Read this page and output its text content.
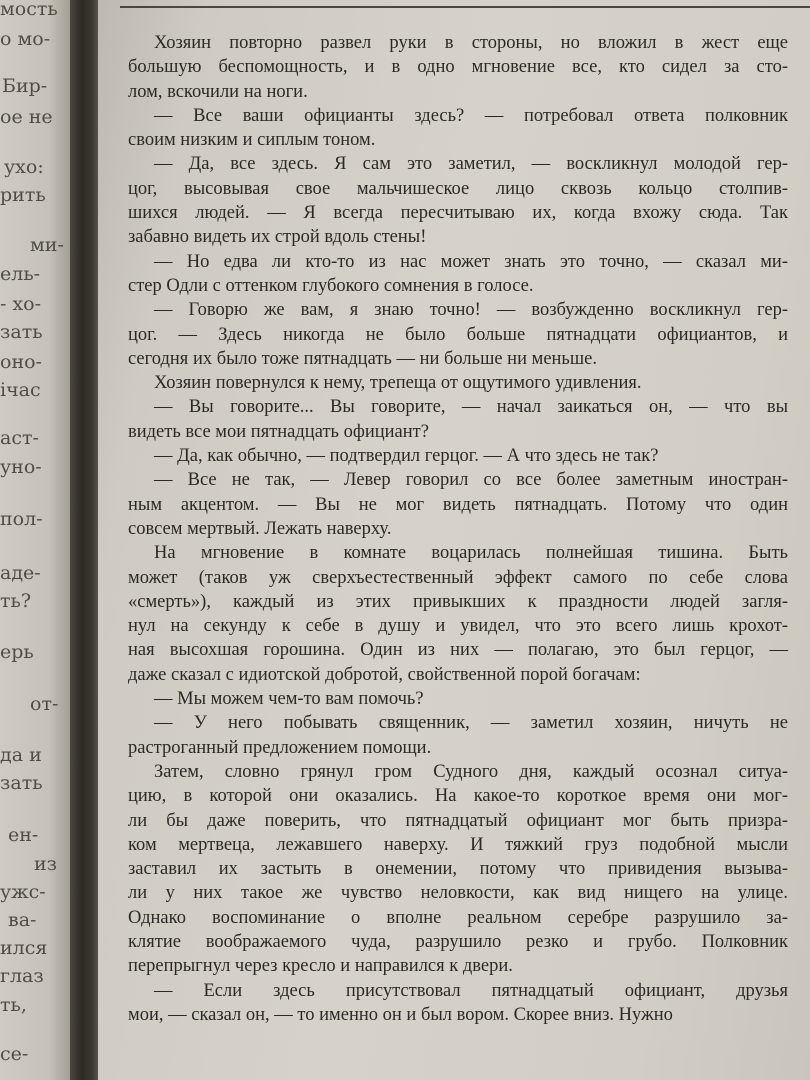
мость
о мо-
Бир-
ое не
ухо:
рить
ми-
ель-
- хо-
зать
оно-
iчас
аст-
уно-
пол-
аде-
ть?
ерь
от-
да и
зать
ен-
из
ужс-
ва-
ился
глаз
ть,
се-
Хозяин повторно развел руки в стороны, но вложил в жест еще
большую беспомощность, и в одно мгновение все, кто сидел за сто-
лом, вскочили на ноги.
— Все ваши официанты здесь? — потребовал ответа полковник
своим низким и сиплым тоном.
— Да, все здесь. Я сам это заметил, — воскликнул молодой гер-
цог, высовывая свое мальчишеское лицо сквозь кольцо столпив-
шихся людей. — Я всегда пересчитываю их, когда вхожу сюда. Так
забавно видеть их строй вдоль стены!
— Но едва ли кто-то из нас может знать это точно, — сказал ми-
стер Одли с оттенком глубокого сомнения в голосе.
— Говорю же вам, я знаю точно! — возбужденно воскликнул гер-
цог. — Здесь никогда не было больше пятнадцати официантов, и
сегодня их было тоже пятнадцать — ни больше ни меньше.
Хозяин повернулся к нему, трепеща от ощутимого удивления.
— Вы говорите... Вы говорите, — начал заикаться он, — что вы
видеть все мои пятнадцать официант?
— Да, как обычно, — подтвердил герцог. — А что здесь не так?
— Все не так, — Левер говорил со все более заметным иностран-
ным акцентом. — Вы не мог видеть пятнадцать. Потому что один
совсем мертвый. Лежать наверху.
На мгновение в комнате воцарилась полнейшая тишина. Быть
может (таков уж сверхъестественный эффект самого по себе слова
«смерть»), каждый из этих привыкших к праздности людей загля-
нул на секунду к себе в душу и увидел, что это всего лишь крохот-
ная высохшая горошина. Один из них — полагаю, это был герцог, —
даже сказал с идиотской добротой, свойственной порой богачам:
— Мы можем чем-то вам помочь?
— У него побывать священник, — заметил хозяин, ничуть не
растроганный предложением помощи.
Затем, словно грянул гром Судного дня, каждый осознал ситуа-
цию, в которой они оказались. На какое-то короткое время они мог-
ли бы даже поверить, что пятнадцатый официант мог быть призра-
ком мертвеца, лежавшего наверху. И тяжкий груз подобной мысли
заставил их застыть в онемении, потому что привидения вызыва-
ли у них такое же чувство неловкости, как вид нищего на улице.
Однако воспоминание о вполне реальном серебре разрушило за-
клятие воображаемого чуда, разрушило резко и грубо. Полковник
перепрыгнул через кресло и направился к двери.
— Если здесь присутствовал пятнадцатый официант, друзья
мои, — сказал он, — то именно он и был вором. Скорее вниз. Нужно
